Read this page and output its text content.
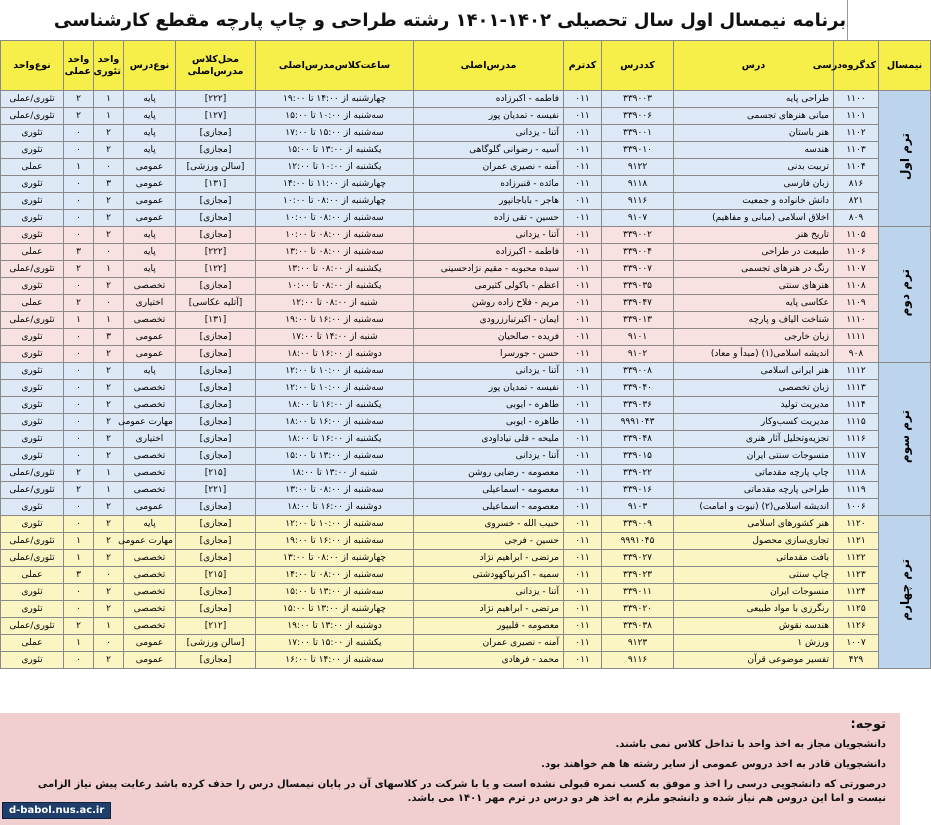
برنامه نیمسال اول سال تحصیلی ۱۴۰۲-۱۴۰۱ رشته طراحی و چاپ پارچه مقطع کارشناسی
نیمسال	کدگروه‌درسی	درس	کددرس	کدترم	مدرس‌اصلی	ساعت‌کلاس‌مدرس‌اصلی	محل‌کلاس مدرس‌اصلی	نوع‌درس	واحد تئوری	واحد عملی	نوع‌واحد
ترم اول	۱۱۰۰	طراحی پایه	۳۳۹۰۰۳	۰۱۱	فاطمه - اکبرزاده	چهارشنبه از ۱۴:۰۰ تا ۱۹:۰۰	[۲۲۲]	پایه	۱	۲	تئوری/عملی
	۱۱۰۱	مبانی هنرهای تجسمی	۳۳۹۰۰۶	۰۱۱	نفیسه - تمدیان پور	سه‌شنبه از ۱۰:۰۰ تا ۱۵:۰۰	[۱۲۷]	پایه	۱	۲	تئوری/عملی
	۱۱۰۲	هنر باستان	۳۳۹۰۰۱	۰۱۱	آتنا - یزدانی	سه‌شنبه از ۱۵:۰۰ تا ۱۷:۰۰	[مجازی]	پایه	۲	۰	تئوری
	۱۱۰۳	هندسه	۳۳۹۰۱۰	۰۱۱	آسیه - رضوانی گلوگاهی	یکشنبه از ۱۳:۰۰ تا ۱۵:۰۰	[مجازی]	پایه	۲	۰	تئوری
	۱۱۰۴	تربیت بدنی	۹۱۲۲	۰۱۱	آمنه - نصیری عمران	یکشنبه از ۱۰:۰۰ تا ۱۲:۰۰	[سالن ورزشی]	عمومی	۰	۱	عملی
	۸۱۶	زبان فارسی	۹۱۱۸	۰۱۱	مائده - قنبرزاده	چهارشنبه از ۱۱:۰۰ تا ۱۴:۰۰	[۱۳۱]	عمومی	۳	۰	تئوری
	۸۲۱	دانش خانواده و جمعیت	۹۱۱۶	۰۱۱	هاجر - باباجانپور	چهارشنبه از ۰۸:۰۰ تا ۱۰:۰۰	[مجازی]	عمومی	۲	۰	تئوری
	۸۰۹	اخلاق اسلامی (مبانی و مفاهیم)	۹۱۰۷	۰۱۱	حسین - تقی زاده	سه‌شنبه از ۰۸:۰۰ تا ۱۰:۰۰	[مجازی]	عمومی	۲	۰	تئوری
ترم دوم	۱۱۰۵	تاریخ هنر	۳۳۹۰۰۲	۰۱۱	آتنا - یزدانی	سه‌شنبه از ۰۸:۰۰ تا ۱۰:۰۰	[مجازی]	پایه	۲	۰	تئوری
	۱۱۰۶	طبیعت در طراحی	۳۳۹۰۰۴	۰۱۱	فاطمه - اکبرزاده	سه‌شنبه از ۰۸:۰۰ تا ۱۳:۰۰	[۲۲۲]	پایه	۰	۳	عملی
	۱۱۰۷	رنگ در هنرهای تجسمی	۳۳۹۰۰۷	۰۱۱	سیده محبوبه - مقیم نژادحسینی	یکشنبه از ۰۸:۰۰ تا ۱۳:۰۰	[۱۲۲]	پایه	۱	۲	تئوری/عملی
	۱۱۰۸	هنرهای سنتی	۳۳۹۰۳۵	۰۱۱	اعظم - باکولی کثیرمی	یکشنبه از ۰۸:۰۰ تا ۱۰:۰۰	[مجازی]	تخصصی	۲	۰	تئوری
	۱۱۰۹	عکاسی پایه	۳۳۹۰۴۷	۰۱۱	مریم - فلاح زاده روشن	شنبه از ۰۸:۰۰ تا ۱۲:۰۰	[آتلیه عکاسی]	اختیاری	۰	۲	عملی
	۱۱۱۰	شناخت الیاف و پارچه	۳۳۹۰۱۳	۰۱۱	ایمان - اکبرتبارزرودی	سه‌شنبه از ۱۶:۰۰ تا ۱۹:۰۰	[۱۳۱]	تخصصی	۱	۱	تئوری/عملی
	۱۱۱۱	زبان خارجی	۹۱۰۱	۰۱۱	فریده - صالحیان	شنبه از ۱۴:۰۰ تا ۱۷:۰۰	[مجازی]	عمومی	۳	۰	تئوری
	۹۰۸	اندیشه اسلامی(۱) (مبدأ و معاد)	۹۱۰۲	۰۱۱	حسن - جورسرا	دوشنبه از ۱۶:۰۰ تا ۱۸:۰۰	[مجازی]	عمومی	۲	۰	تئوری
ترم سوم	۱۱۱۲	هنر ایرانی اسلامی	۳۳۹۰۰۸	۰۱۱	آتنا - یزدانی	سه‌شنبه از ۱۰:۰۰ تا ۱۲:۰۰	[مجازی]	پایه	۲	۰	تئوری
	۱۱۱۳	زبان تخصصی	۳۳۹۰۴۰	۰۱۱	نفیسه - تمدیان پور	سه‌شنبه از ۱۰:۰۰ تا ۱۲:۰۰	[مجازی]	تخصصی	۲	۰	تئوری
	۱۱۱۴	مدیریت تولید	۳۳۹۰۳۶	۰۱۱	طاهره - ایوبی	یکشنبه از ۱۶:۰۰ تا ۱۸:۰۰	[مجازی]	تخصصی	۲	۰	تئوری
	۱۱۱۵	مدیریت کسب‌وکار	۹۹۹۱۰۴۳	۰۱۱	طاهره - ایوبی	سه‌شنبه از ۱۶:۰۰ تا ۱۸:۰۰	[مجازی]	مهارت عمومی	۲	۰	تئوری
	۱۱۱۶	تجزیه‌وتحلیل آثار هنری	۳۳۹۰۴۸	۰۱۱	ملیحه - قلی نیاداودی	یکشنبه از ۱۶:۰۰ تا ۱۸:۰۰	[مجازی]	اختیاری	۲	۰	تئوری
	۱۱۱۷	منسوجات سنتی ایران	۳۳۹۰۱۵	۰۱۱	آتنا - یزدانی	سه‌شنبه از ۱۳:۰۰ تا ۱۵:۰۰	[مجازی]	تخصصی	۲	۰	تئوری
	۱۱۱۸	چاپ پارچه مقدماتی	۳۳۹۰۲۲	۰۱۱	معصومه - رضایی روشن	شنبه از ۱۳:۰۰ تا ۱۸:۰۰	[۲۱۵]	تخصصی	۱	۲	تئوری/عملی
	۱۱۱۹	طراحی پارچه مقدماتی	۳۳۹۰۱۶	۰۱۱	معصومه - اسماعیلی	سه‌شنبه از ۰۸:۰۰ تا ۱۳:۰۰	[۲۲۱]	تخصصی	۱	۲	تئوری/عملی
	۱۰۰۶	اندیشه اسلامی(۲) (نبوت و امامت)	۹۱۰۳	۰۱۱	معصومه - اسماعیلی	دوشنبه از ۱۶:۰۰ تا ۱۸:۰۰	[مجازی]	عمومی	۲	۰	تئوری
ترم چهارم	۱۱۲۰	هنر کشورهای اسلامی	۳۳۹۰۰۹	۰۱۱	حبیب الله - خسروی	سه‌شنبه از ۱۰:۰۰ تا ۱۲:۰۰	[مجازی]	پایه	۲	۰	تئوری
	۱۱۲۱	تجاری‌سازی محصول	۹۹۹۱۰۴۵	۰۱۱	حسین - فرجی	سه‌شنبه از ۱۶:۰۰ تا ۱۹:۰۰	[مجازی]	مهارت عمومی	۲	۱	تئوری/عملی
	۱۱۲۲	بافت مقدماتی	۳۳۹۰۲۷	۰۱۱	مرتضی - ابراهیم نژاد	چهارشنبه از ۰۸:۰۰ تا ۱۳:۰۰	[مجازی]	تخصصی	۲	۱	تئوری/عملی
	۱۱۲۳	چاپ سنتی	۳۳۹۰۲۳	۰۱۱	سمیه - اکبرنیاکهودشتی	سه‌شنبه از ۰۸:۰۰ تا ۱۴:۰۰	[۲۱۵]	تخصصی	۰	۳	عملی
	۱۱۲۴	منسوجات ایران	۳۳۹۰۱۱	۰۱۱	آتنا - یزدانی	سه‌شنبه از ۱۳:۰۰ تا ۱۵:۰۰	[مجازی]	تخصصی	۲	۰	تئوری
	۱۱۲۵	رنگرزی با مواد طبیعی	۳۳۹۰۲۰	۰۱۱	مرتضی - ابراهیم نژاد	چهارشنبه از ۱۳:۰۰ تا ۱۵:۰۰	[مجازی]	تخصصی	۲	۰	تئوری
	۱۱۲۶	هندسه نقوش	۳۳۹۰۳۸	۰۱۱	معصومه - قلیپور	دوشنبه از ۱۳:۰۰ تا ۱۹:۰۰	[۲۱۲]	تخصصی	۱	۲	تئوری/عملی
	۱۰۰۷	ورزش ۱	۹۱۲۳	۰۱۱	آمنه - نصیری عمران	یکشنبه از ۱۵:۰۰ تا ۱۷:۰۰	[سالن ورزشی]	عمومی	۰	۱	عملی
	۴۲۹	تفسیر موضوعی قرآن	۹۱۱۶	۰۱۱	محمد - فرهادی	سه‌شنبه از ۱۴:۰۰ تا ۱۶:۰۰	[مجازی]	عمومی	۲	۰	تئوری
توجه:

دانشجویان مجاز به اخذ واحد با تداخل کلاس نمی باشند.

دانشجویان قادر به اخذ دروس عمومی از سایر رشته ها هم خواهند بود.

درصورتی که دانشجویی درسی را اخذ و موفق به کسب نمره قبولی نشده است و یا با شرکت در کلاسهای آن در پایان نیمسال درس را حذف کرده باشد رعایت پیش نیاز الزامی نیست و اما این دروس هم نیاز شده و دانشجو ملزم به اخذ هر دو درس در ترم مهر ۱۴۰۱ می باشد.

d-babol.nus.ac.ir
